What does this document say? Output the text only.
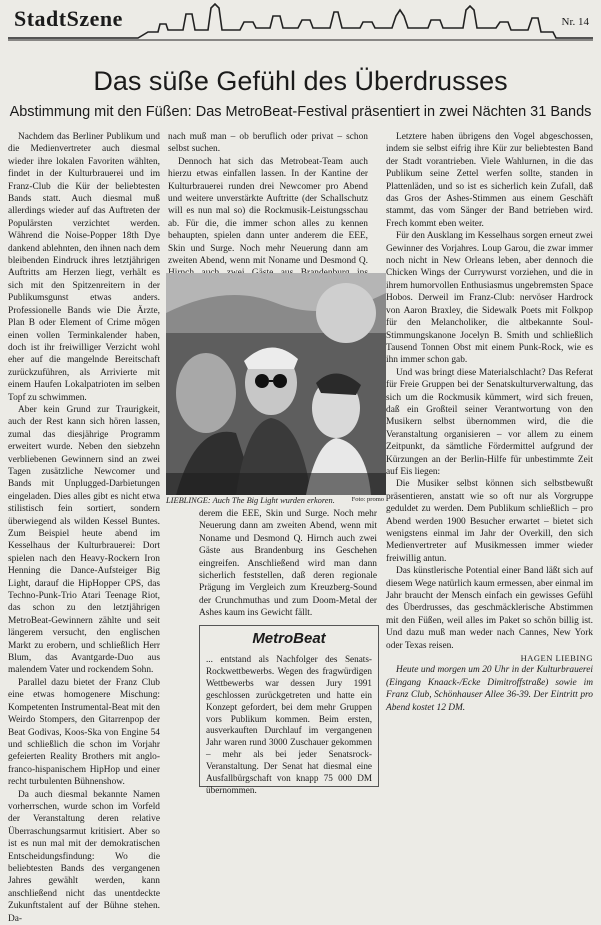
StadtSzene	Nr. 14
Das süße Gefühl des Überdrusses
Abstimmung mit den Füßen: Das MetroBeat-Festival präsentiert in zwei Nächten 31 Bands

Nachdem das Berliner Publikum und die Medienvertreter auch diesmal wieder ihre lokalen Favoriten wählten, findet in der Kulturbrauerei und im Franz-Club die Kür der beliebtesten Bands statt. Auch diesmal muß allerdings wieder auf das Auftreten der Populärsten verzichtet werden. Während die Noise-Popper 18th Dye dankend ablehnten, den ihnen nach dem bleibenden Eindruck ihres letztjährigen Auftritts am Herzen liegt, verhält es sich mit den Spitzenreitern in der Publikumsgunst etwas anders. Professionelle Bands wie Die Ärzte, Plan B oder Element of Crime mögen einen vollen Terminkalender haben, doch ist ihr freiwilliger Verzicht wohl eher auf die mangelnde Bereitschaft zurückzuführen, als Arrivierte mit einem Haufen Lokalpatrioten im selben Topf zu schwimmen.

Aber kein Grund zur Traurigkeit, auch der Rest kann sich hören lassen, zumal das diesjährige Programm erweitert wurde. Neben den siebzehn verbliebenen Gewinnern sind an zwei Tagen zusätzliche Newcomer und Bands mit Unplugged-Darbietungen eingeladen. Dies alles gibt es nicht etwa stilistisch fein sortiert, sondern überwiegend als wilden Kessel Buntes. Zum Beispiel heute abend im Kesselhaus der Kulturbrauerei: Dort spielen nach den Heavy-Rockern Iron Henning die Dance-Aufsteiger Big Light, darauf die HipHopper CPS, das Techno-Punk-Trio Atari Teenage Riot, das schon zu den letztjährigen MetroBeat-Gewinnern zählte und seit längerem versucht, den englischen Markt zu erobern, und schließlich Herr Blum, das Avantgarde-Duo aus malendem Vater und rockendem Sohn.

Parallel dazu bietet der Franz Club eine etwas homogenere Mischung: Kompetenten Instrumental-Beat mit den Weirdo Stompers, den Gitarrenpop der Beat Godivas, Koos-Ska von Engine 54 und schließlich die schon im Vorjahr gefeierten Reality Brothers mit anglo-franco-hispanischem HipHop und einer recht turbulenten Bühnenshow.

Da auch diesmal bekannte Namen vorherrschen, wurde schon im Vorfeld der Veranstaltung deren relative Überraschungsarmut kritisiert. Aber so ist es nun mal mit der demokratischen Entscheidungsfindung: Wo die beliebtesten Bands des vergangenen Jahres gewählt werden, kann anschließend nicht das unentdeckte Zukunftstalent auf der Bühne stehen. Da-

nach muß man – ob beruflich oder privat – schon selbst suchen.

Dennoch hat sich das Metrobeat-Team auch hierzu etwas einfallen lassen. In der Kantine der Kulturbrauerei runden drei Newcomer pro Abend und weitere unverstärkte Auftritte (der Schallschutz will es nun mal so) die Rockmusik-Leistungsschau ab. Für die, die immer schon alles zu kennen behaupten, spielen dann unter anderem die EEE, Skin und Surge. Noch mehr Neuerung dann am zweiten Abend, wenn mit Noname und Desmond Q.

LIEBLINGE: Auch The Big Light wurden erkoren.	Foto: promo

derem die EEE, Skin und Surge. Noch mehr Neuerung dann am zweiten Abend, wenn mit Noname und Desmond Q. Hirnch auch zwei Gäste aus Brandenburg ins Geschehen eingreifen. Anschließend wird man dann sicherlich feststellen, daß deren regionale Prägung im Vergleich zum Kreuzberg-Sound der Crunchmuthas und zum Doom-Metal der Ashes kaum ins Gewicht fällt.

MetroBeat

... entstand als Nachfolger des Senats-Rockwettbewerbs. Wegen des fragwürdigen Wettbewerbs war dessen Jury 1991 geschlossen zurückgetreten und hatte ein Konzept gefordert, bei dem mehr Gruppen vors Publikum kommen. Beim ersten, ausverkauften Durchlauf im vergangenen Jahr waren rund 3000 Zuschauer gekommen – mehr als bei jeder Senatsrock-Veranstaltung. Der Senat hat diesmal eine Ausfallbürgschaft von knapp 75 000 DM übernommen.

Letztere haben übrigens den Vogel abgeschossen, indem sie selbst eifrig ihre Kür zur beliebtesten Band der Stadt vorantrieben. Viele Wahlurnen, in die das Publikum seine Zettel werfen sollte, standen in Plattenläden, und so ist es sicherlich kein Zufall, daß das Gros der Ashes-Stimmen aus einem Geschäft stammt, das vom Sänger der Band betrieben wird. Frech kommt eben weiter.

Für den Ausklang im Kesselhaus sorgen erneut zwei Gewinner des Vorjahres. Loup Garou, die zwar immer noch nicht in New Orleans leben, aber dennoch die Chicken Wings der Currywurst vorziehen, und die in ihrem humorvollen Enthusiasmus ungebremsten Space Hobos. Derweil im Franz-Club: nervöser Hardrock von Aaron Braxley, die Sidewalk Poets mit Folkpop für den Melancholiker, die altbekannte Soul-Stimmungskanone Jocelyn B. Smith und schließlich Tausend Tonnen Obst mit einem Punk-Rock, wie es ihn immer schon gab.

Und was bringt diese Materialschlacht? Das Referat für Freie Gruppen bei der Senatskulturverwaltung, das sich um die Rockmusik kümmert, wird sich freuen, daß ein Großteil seiner Verantwortung von den Musikern selbst übernommen wird, die die Veranstaltung organisieren – vor allem zu einem Zeitpunkt, da sämtliche Fördermittel aufgrund der Kürzungen an der Berlin-Hilfe für unbestimmte Zeit auf Eis liegen:

Die Musiker selbst können sich selbstbewußt präsentieren, anstatt wie so oft nur als Vorgruppe geduldet zu werden. Dem Publikum schließlich – pro Abend werden 1900 Besucher erwartet – bietet sich wenigstens einmal im Jahr der Overkill, den sich Medienvertreter auf Musikmessen immer wieder freiwillig antun.

Das künstlerische Potential einer Band läßt sich auf diesem Wege natürlich kaum ermessen, aber einmal im Jahr braucht der Mensch einfach ein gewisses Gefühl des Überdrusses, das geschmäcklerische Abstimmen mit den Füßen, weil alles im Paket so schön billig ist. Und dazu muß man weder nach Cannes, New York oder Texas reisen.

HAGEN LIEBING

Heute und morgen um 20 Uhr in der Kulturbrauerei (Eingang Knaack-/Ecke Dimitroffstraße) sowie im Franz Club, Schönhauser Allee 36-39. Der Eintritt pro Abend kostet 12 DM.
